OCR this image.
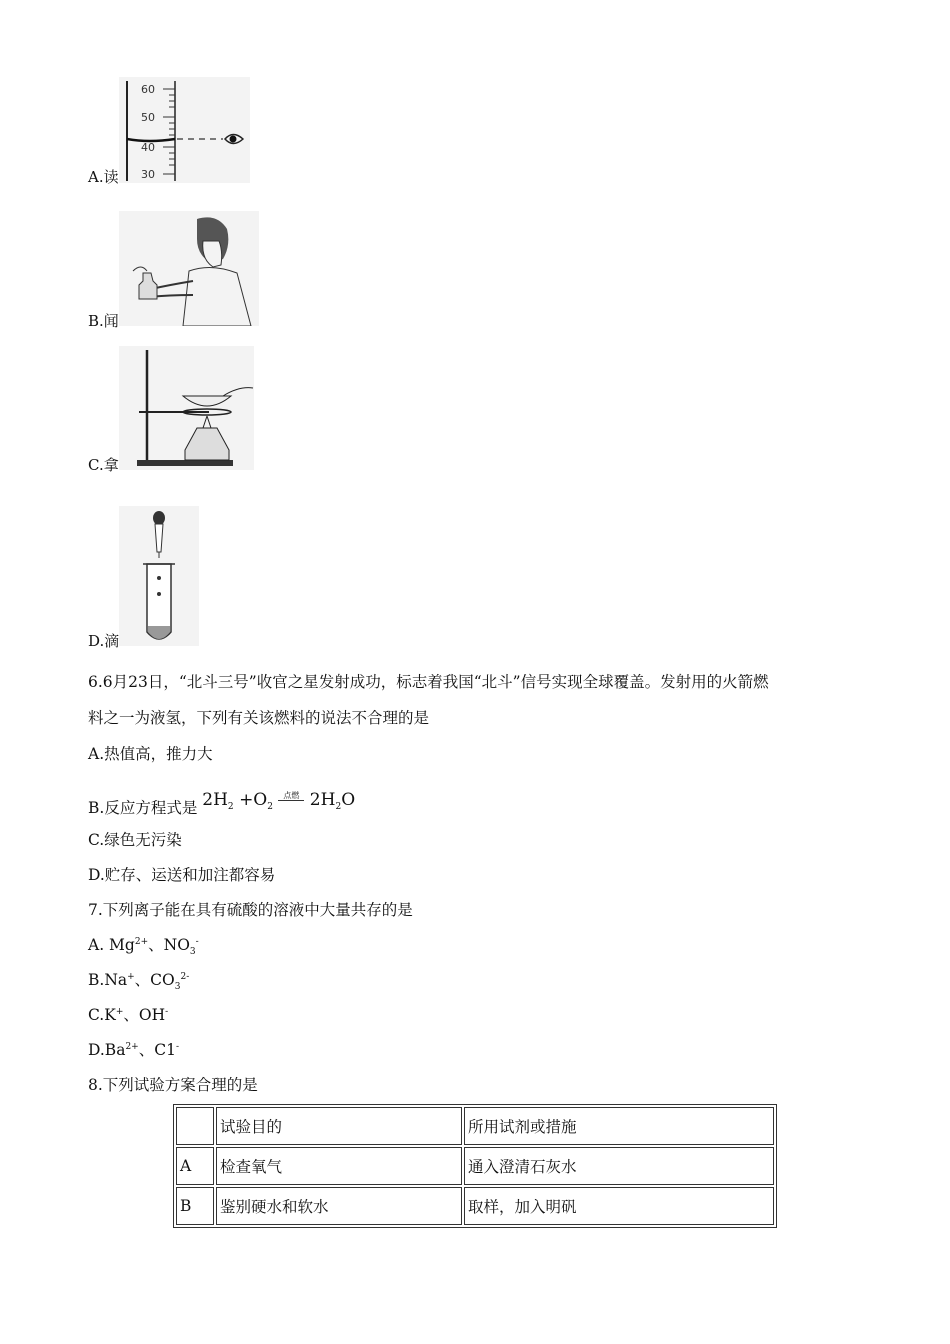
A.读
60
50
40
30
B.闻
C.拿
D.滴
6.6月23日，“北斗三号”收官之星发射成功，标志着我国“北斗”信号实现全球覆盖。发射用的火箭燃
料之一为液氢，下列有关该燃料的说法不合理的是
A.热值高，推力大
B.反应方程式是 $2H_2 +O_2$
点燃 $2H_2O$
C.绿色无污染
D.贮存、运送和加注都容易
7.下列离子能在具有硫酸的溶液中大量共存的是
A. $Mg^{2+}$、$NO_3^-$
B.Na+、$CO_3^{2-}$
C.K+、OH-
$D.Ba^{2+}$、C1-
8.下列试验方案合理的是
	试验目的	所用试剂或措施
A	检查氧气	通入澄清石灰水
B	鉴别硬水和软水	取样，加入明矾
